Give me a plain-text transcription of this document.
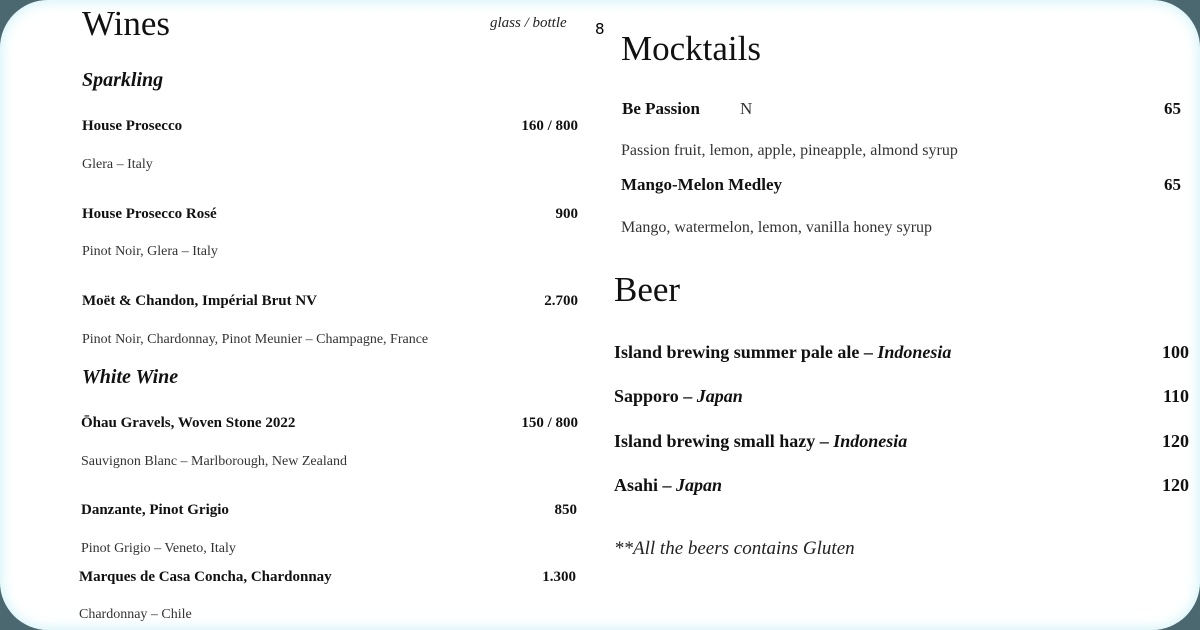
Wines	glass / bottle 8
Sparkling
House Prosecco	160 / 800
Glera – Italy
House Prosecco Rosé	900
Pinot Noir, Glera – Italy
Moët & Chandon, Impérial Brut NV	2.700
Pinot Noir, Chardonnay, Pinot Meunier – Champagne, France
White Wine
Ōhau Gravels, Woven Stone 2022	150 / 800
Sauvignon Blanc – Marlborough, New Zealand
Danzante, Pinot Grigio	850
Pinot Grigio – Veneto, Italy
Marques de Casa Concha, Chardonnay	1.300
Chardonnay – Chile
Mocktails
Be Passion N	65
Passion fruit, lemon, apple, pineapple, almond syrup
Mango-Melon Medley	65
Mango, watermelon, lemon, vanilla honey syrup
Beer
Island brewing summer pale ale – Indonesia	100
Sapporo – Japan	110
Island brewing small hazy – Indonesia	120
Asahi – Japan	120
**All the beers contains Gluten
